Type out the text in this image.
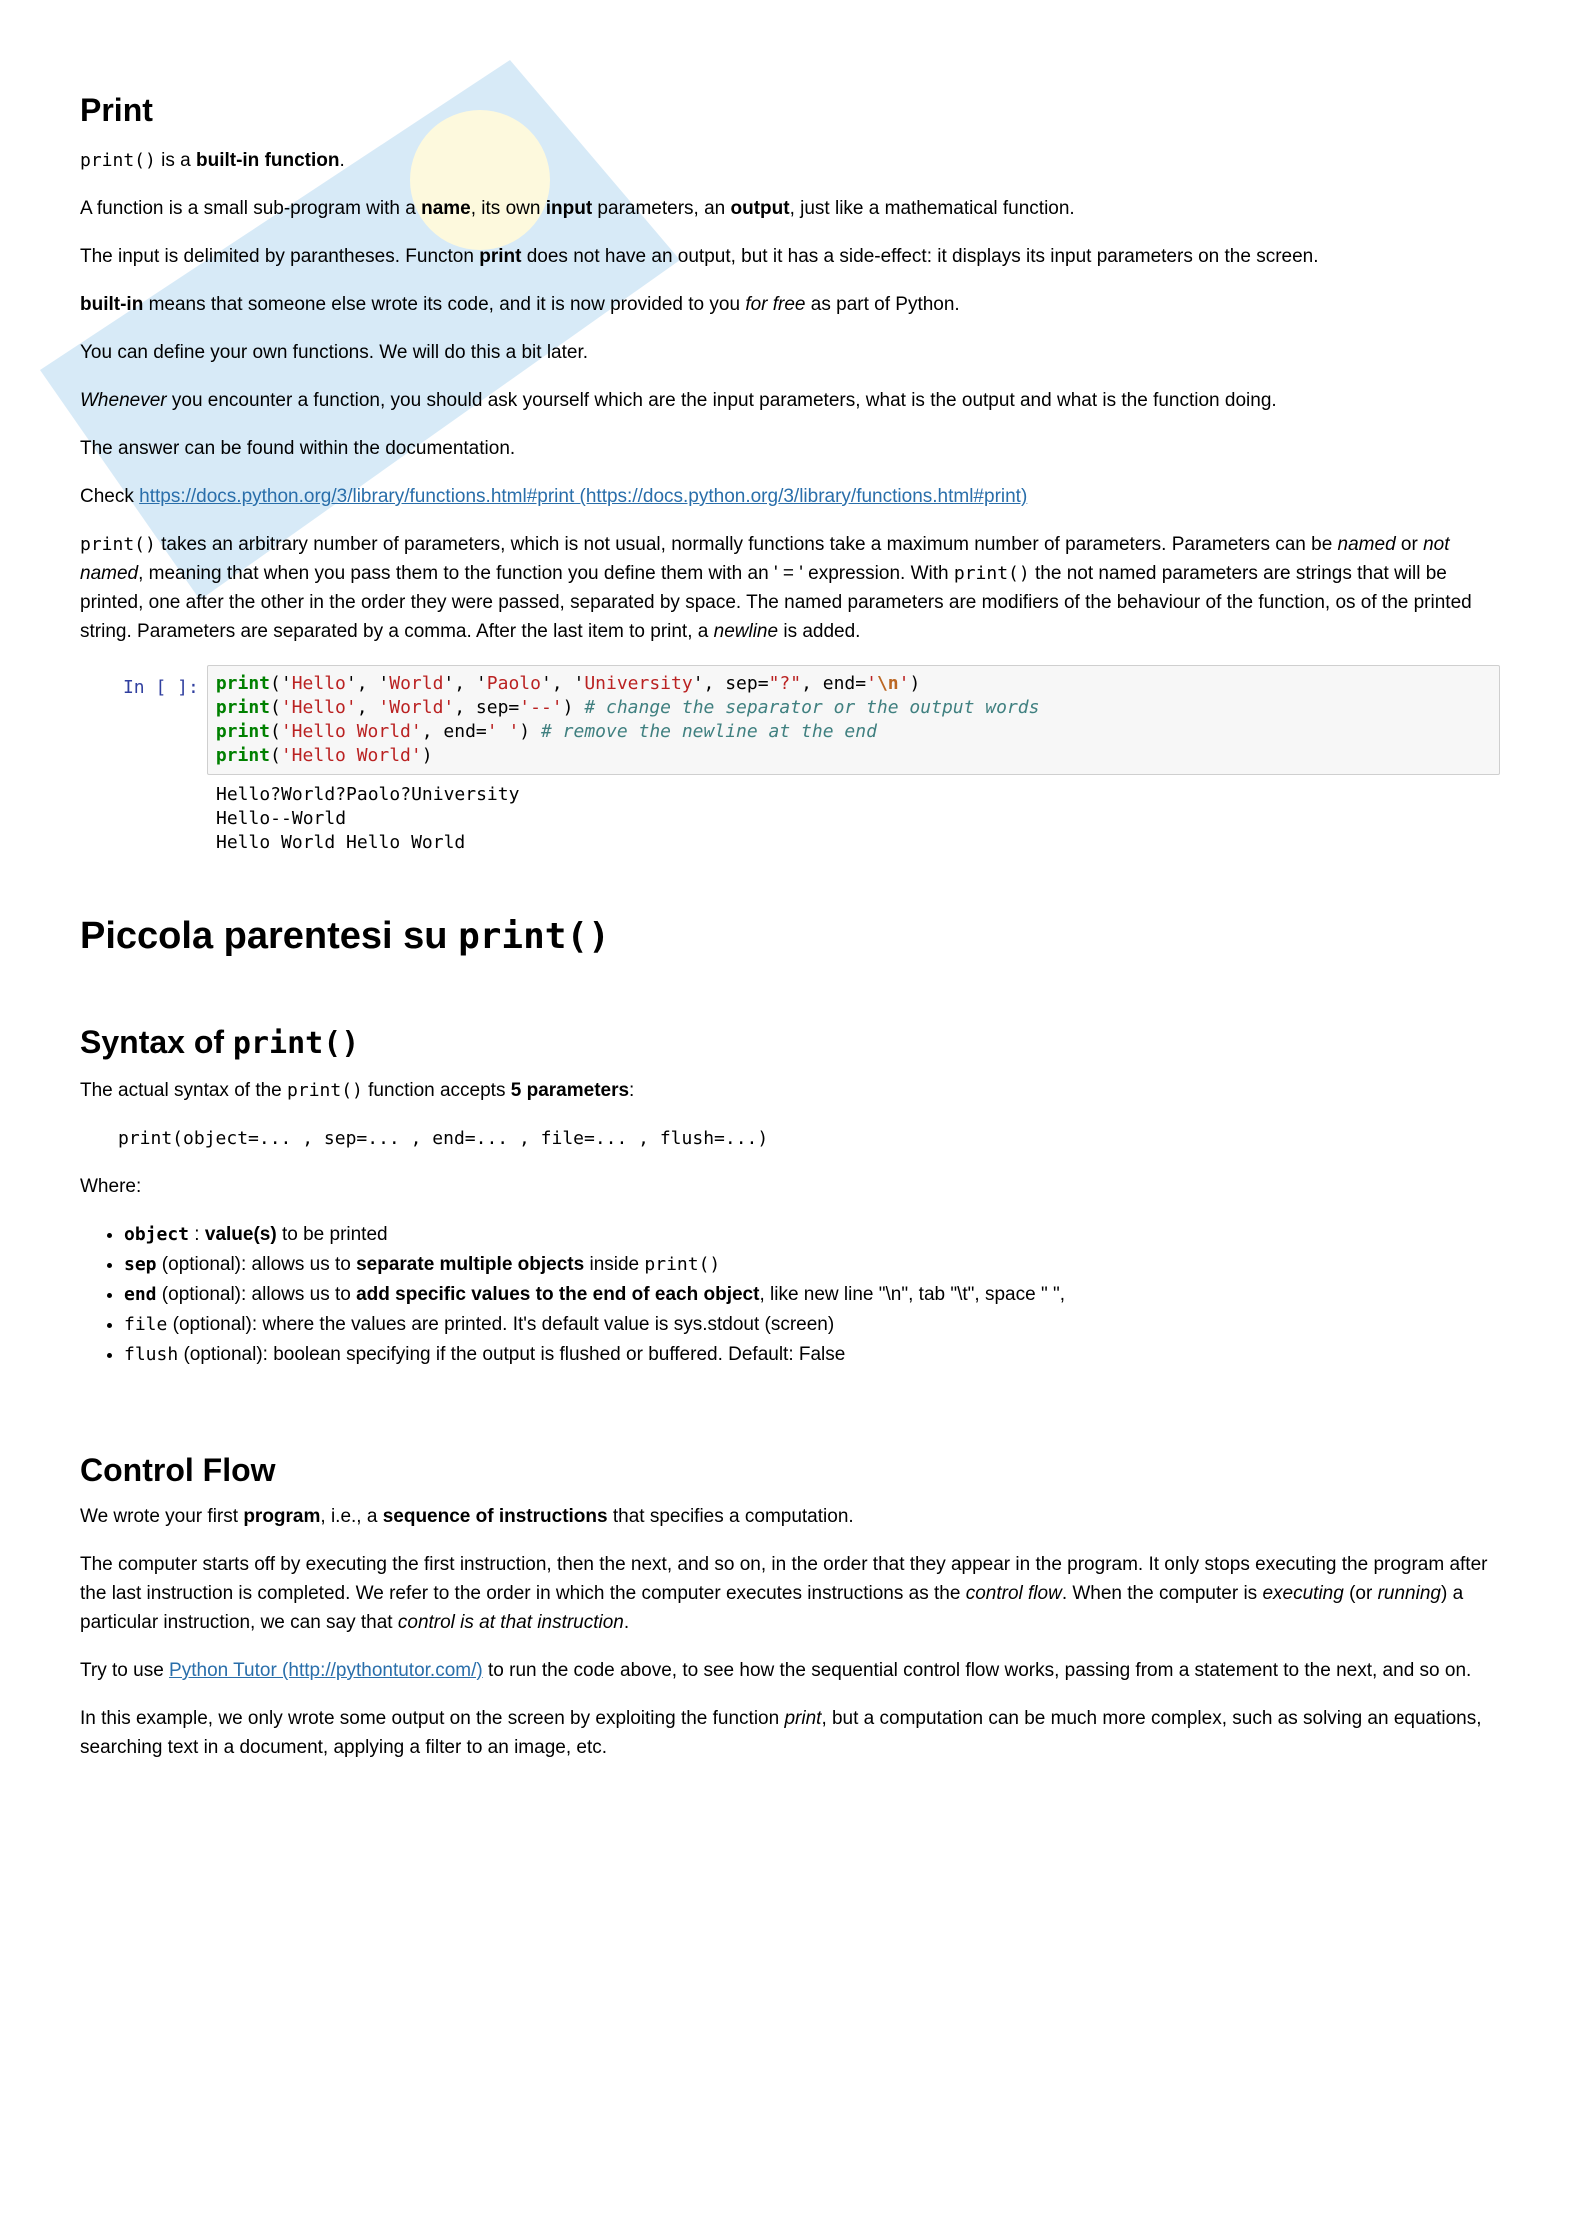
Print

print() is a built-in function.

A function is a small sub-program with a name, its own input parameters, an output, just like a mathematical function.

The input is delimited by parantheses. Functon print does not have an output, but it has a side-effect: it displays its input parameters on the screen.

built-in means that someone else wrote its code, and it is now provided to you for free as part of Python.

You can define your own functions. We will do this a bit later.

Whenever you encounter a function, you should ask yourself which are the input parameters, what is the output and what is the function doing.

The answer can be found within the documentation.

Check https://docs.python.org/3/library/functions.html#print (https://docs.python.org/3/library/functions.html#print)

print() takes an arbitrary number of parameters, which is not usual, normally functions take a maximum number of parameters. Parameters can be named or not named, meaning that when you pass them to the function you define them with an ' = ' expression. With print() the not named parameters are strings that will be printed, one after the other in the order they were passed, separated by space. The named parameters are modifiers of the behaviour of the function, os of the printed string. Parameters are separated by a comma. After the last item to print, a newline is added.

In [ ]: print('Hello', 'World', 'Paolo', 'University', sep="?", end='\n')
print('Hello', 'World', sep='--') # change the separator or the output words
print('Hello World', end=' ') # remove the newline at the end
print('Hello World')
Hello?World?Paolo?University
Hello--World
Hello World Hello World
Piccola parentesi su print()
Syntax of print()

The actual syntax of the print() function accepts 5 parameters:

print(object=... , sep=... , end=... , file=... , flush=...)

Where:

• object : value(s) to be printed
• sep (optional): allows us to separate multiple objects inside print()
• end (optional): allows us to add specific values to the end of each object, like new line "\n", tab "\t", space " ",
• file (optional): where the values are printed. It's default value is sys.stdout (screen)
• flush (optional): boolean specifying if the output is flushed or buffered. Default: False
Control Flow

We wrote your first program, i.e., a sequence of instructions that specifies a computation.

The computer starts off by executing the first instruction, then the next, and so on, in the order that they appear in the program. It only stops executing the program after the last instruction is completed. We refer to the order in which the computer executes instructions as the control flow. When the computer is executing (or running) a particular instruction, we can say that control is at that instruction.

Try to use Python Tutor (http://pythontutor.com/) to run the code above, to see how the sequential control flow works, passing from a statement to the next, and so on.

In this example, we only wrote some output on the screen by exploiting the function print, but a computation can be much more complex, such as solving an equations, searching text in a document, applying a filter to an image, etc.
